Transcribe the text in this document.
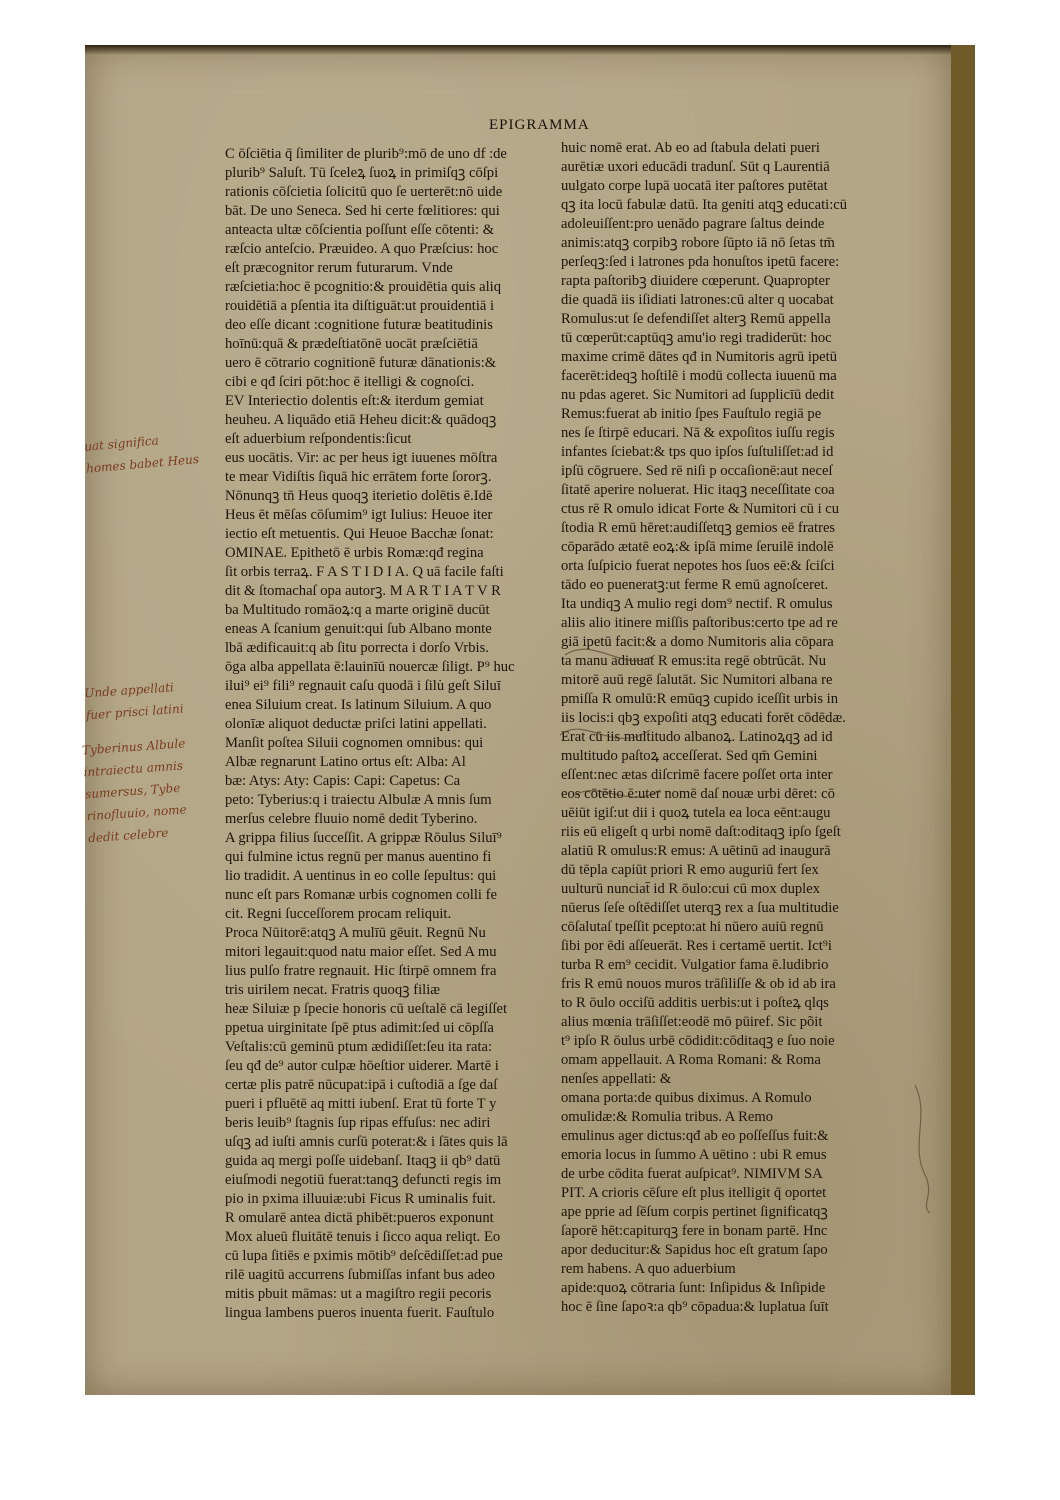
EPIGRAMMA
C ōſciētia q̄ ſimiliter de plurib⁹:mō de uno df :de
plurib⁹ Saluſt. Tū ſceleꝝ ſuoꝝ in primiſqꝫ cōſpi
rationis cōſcietia ſolicitū quo ſe uerterēt:nō uide
bāt. De uno Seneca. Sed hi certe fœlitiores: qui
anteacta ultæ cōſcientia poſſunt eſſe cōtenti: &
ræſcio anteſcio. Præuideo. A quo Præſcius: hoc
eſt præcognitor rerum futurarum. Vnde
ræſcietia:hoc ē pcognitio:& prouidētia quis aliq
rouidētiā a pſentia ita diſtiguāt:ut prouidentiā i
deo eſſe dicant :cognitione futuræ beatitudinis
hoīnū:quā & prædeſtiatōnē uocāt præſciētiā
uero ē cōtrario cognitionē futuræ dānationis:&
cibi e qđ ſciri pōt:hoc ē itelligi & cognoſci.
EV Interiectio dolentis eſt:& iterdum gemiat
heuheu. A liquādo etiā Heheu dicit:& quādoqꝫ
eſt aduerbium reſpondentis:ſicut
eus uocātis. Vir: ac per heus igt iuuenes mōſtra
te mear Vidiſtis ſiquā hic errātem forte ſororꝫ.
Nōnunqꝫ tn̄ Heus quoqꝫ iterietio dolētis ē.Idē
Heus ēt mēſas cōſumim⁹ igt Iulius: Heuoe iter
iectio eſt metuentis. Qui Heuoe Bacchæ ſonat:
OMINAE. Epithetō ē urbis Romæ:qđ regina
ſit orbis terraꝝ. F A S T I D I A. Q uā facile faſti
dit & ſtomachaſ opa autorꝫ. M A R T I A T V R
ba Multitudo romāoꝝ:q a marte originē ducūt
eneas A ſcanium genuit:qui ſub Albano monte
lbā ædificauit:q ab ſitu porrecta i dorſo Vrbis.
ōga alba appellata ē:lauinīū nouercæ ſiligt. P⁹ huc
ilui⁹ ei⁹ fili⁹ regnauit caſu quodā i ſilu̇ geſt Siluī
enea Siluium creat. Is latinum Siluium. A quo
olonīæ aliquot deductæ priſci latini appellati.
Manſit poſtea Siluii cognomen omnibus: qui
Albæ regnarunt Latino ortus eſt: Alba: Al
bæ: Atys: Aty: Capis: Capi: Capetus: Ca
peto: Tyberius:q i traiectu Albulæ A mnis ſum
merſus celebre fluuio nomē dedit Tyberino.
A grippa filius ſucceſſit. A grippæ Rōulus Siluī⁹
qui fulmine ictus regnū per manus auentino fi
lio tradidit. A uentinus in eo colle ſepultus: qui
nunc eſt pars Romanæ urbis cognomen colli fe
cit. Regni ſucceſſorem procam reliquit.
Proca Nūitorē:atqꝫ A mulīū gēuit. Regnū Nu
mitori legauit:quod natu maior eſſet. Sed A mu
lius pulſo fratre regnauit. Hic ſtirpē omnem fra
tris uirilem necat. Fratris quoqꝫ filiæ
heæ Siluiæ p ſpecie honoris cū ueſtalē cā legiſſet
ppetua uirginitate ſpē ptus adimit:ſed ui cōpſſa
Veſtalis:cū geminū ptum ædidiſſet:ſeu ita rata:
ſeu qđ de⁹ autor culpæ hōeſtior uiderer. Martē i
certæ plis patrē nūcupat:ipā i cuſtodiā a ſge daſ
pueri i pfluētē aq mitti iubenſ. Erat tū forte T y
beris leuib⁹ ſtagnis ſup ripas effuſus: nec adiri
uſqꝫ ad iuſti amnis curſū poterat:& i ſātes quis lā
guida aq mergi poſſe uidebanſ. Itaqꝫ ii qb⁹ datū
eiuſmodi negotiū fuerat:tanqꝫ defuncti regis im
pio in pxima illuuiæ:ubi Ficus R uminalis fuit.
R omularē antea dictā phibēt:pueros exponunt
Mox alueū fluitātē tenuis i ſicco aqua reliqt. Eo
cū lupa ſitiēs e pximis mōtib⁹ deſcēdiſſet:ad pue
rilē uagitū accurrens ſubmiſſas infant bus adeo
mitis pbuit māmas: ut a magiſtro regii pecoris
lingua lambens pueros inuenta fuerit. Fauſtulo
huic nomē erat. Ab eo ad ſtabula delati pueri
aurētiæ uxori educādi tradunſ. Sūt q Laurentiā
uulgato corpe lupā uocatā iter paſtores putētat
qꝫ ita locū fabulæ datū. Ita geniti atqꝫ educati:cū
adoleuiſſent:pro uenādo pagrare ſaltus deinde
animis:atqꝫ corpibꝫ robore ſūpto iā nō ſetas tm̄
perſeqꝫ:ſed i latrones pda honuſtos ipetū facere:
rapta paſtoribꝫ diuidere cœperunt. Quapropter
die quadā iis iſidiati latrones:cū alter q uocabat
Romulus:ut ſe defendiſſet alterꝫ Remū appella
tū cœperūt:captūqꝫ amu'io regi tradiderūt: hoc
maxime crimē dātes qđ in Numitoris agrū ipetū
facerēt:ideqꝫ hoſtilē i modū collecta iuuenū ma
nu pdas ageret. Sic Numitori ad ſupplicīū dedit
Remus:fuerat ab initio ſpes Fauſtulo regiā pe
nes ſe ſtirpē educari. Nā & expoſitos iuſſu regis
infantes ſciebat:& tps quo ipſos ſuſtuliſſet:ad id
ipſū cōgruere. Sed rē niſi p occaſionē:aut neceſ
ſitatē aperire noluerat. Hic itaqꝫ neceſſitate coa
ctus rē R omulo idicat Forte & Numitori cū i cu
ſtodia R emū hēret:audiſſetqꝫ gemios eē fratres
cōparādo ætatē eoꝝ:& ipſā mime ſeruilē indolē
orta ſuſpicio fuerat nepotes hos ſuos eē:& ſciſci
tādo eo pueneratꝫ:ut ferme R emū agnoſceret.
Ita undiqꝫ A mulio regi dom⁹ nectif. R omulus
aliis alio itinere miſſis paſtoribus:certo tpe ad re
giā ipetū facit:& a domo Numitoris alia cōpara
ta manu adiuuat R emus:ita regē obtrūcāt. Nu
mitorē auū regē ſalutāt. Sic Numitori albana re
pmiſſa R omulū:R emūqꝫ cupido iceſſit urbis in
iis locis:i qbꝫ expoſiti atqꝫ educati forēt cōdēdæ.
Erat cū iis multitudo albanoꝝ. Latinoꝝqꝫ ad id
multitudo paſtoꝝ acceſſerat. Sed qm̄ Gemini
eſſent:nec ætas diſcrimē facere poſſet orta inter
eos cōtētio ē:uter nomē daſ nouæ urbi dēret: cō
uēiūt igiſ:ut dii i quoꝝ tutela ea loca eēnt:augu
riis eū eligeſt q urbi nomē daſt:oditaqꝫ ipſo ſgeſt
alatiū R omulus:R emus: A uētinū ad inaugurā
dū tēpla capiūt priori R emo auguriū fert ſex
uulturū nunciat̄ id R ōulo:cui cū mox duplex
nūerus ſeſe oſtēdiſſet uterqꝫ rex a ſua multitudie
cōſalutaſ tpeſſit pcepto:at hi nūero auiū regnū
ſibi por ēdi aſſeuerāt. Res i certamē uertit. Ict⁹i
turba R em⁹ cecidit. Vulgatior fama ē.ludibrio
fris R emū nouos muros trāſiliſſe & ob id ab ira
to R ōulo occiſū additis uerbis:ut i poſteꝝ qlqs
alius mœnia trāſiſſet:eodē mō pūiref. Sic põit
t⁹ ipſo R ōulus urbē cōdidit:cōditaqꝫ e ſuo noie
omam appellauit. A Roma Romani: & Roma
nenſes appellati: &
omana porta:de quibus diximus. A Romulo
omulidæ:& Romulia tribus. A Remo
emulinus ager dictus:qđ ab eo poſſeſſus fuit:&
emoria locus in ſummo A uētino : ubi R emus
de urbe cōdita fuerat auſpicat⁹. NIMIVM SA
PIT. A crioris cēſure eſt plus itelligit q̄ oportet
ape pprie ad ſēſum corpis pertinet ſignificatqꝫ
ſaporē hēt:capiturqꝫ fere in bonam partē. Hnc
apor deducitur:& Sapidus hoc eſt gratum ſapo
rem habens. A quo aduerbium
apide:quoꝝ cōtraria ſunt: Inſipidus & Inſipide
hoc ē ſine ſapoꝛ:a qb⁹ cōpadua:& luplatua ſuīt
uat significa
homes babet Heus
Unde appellati
fuer prisci latini
Tyberinus Albule
intraiectu amnis
sumersus, Tybe
rinofluuio, nome
dedit celebre
